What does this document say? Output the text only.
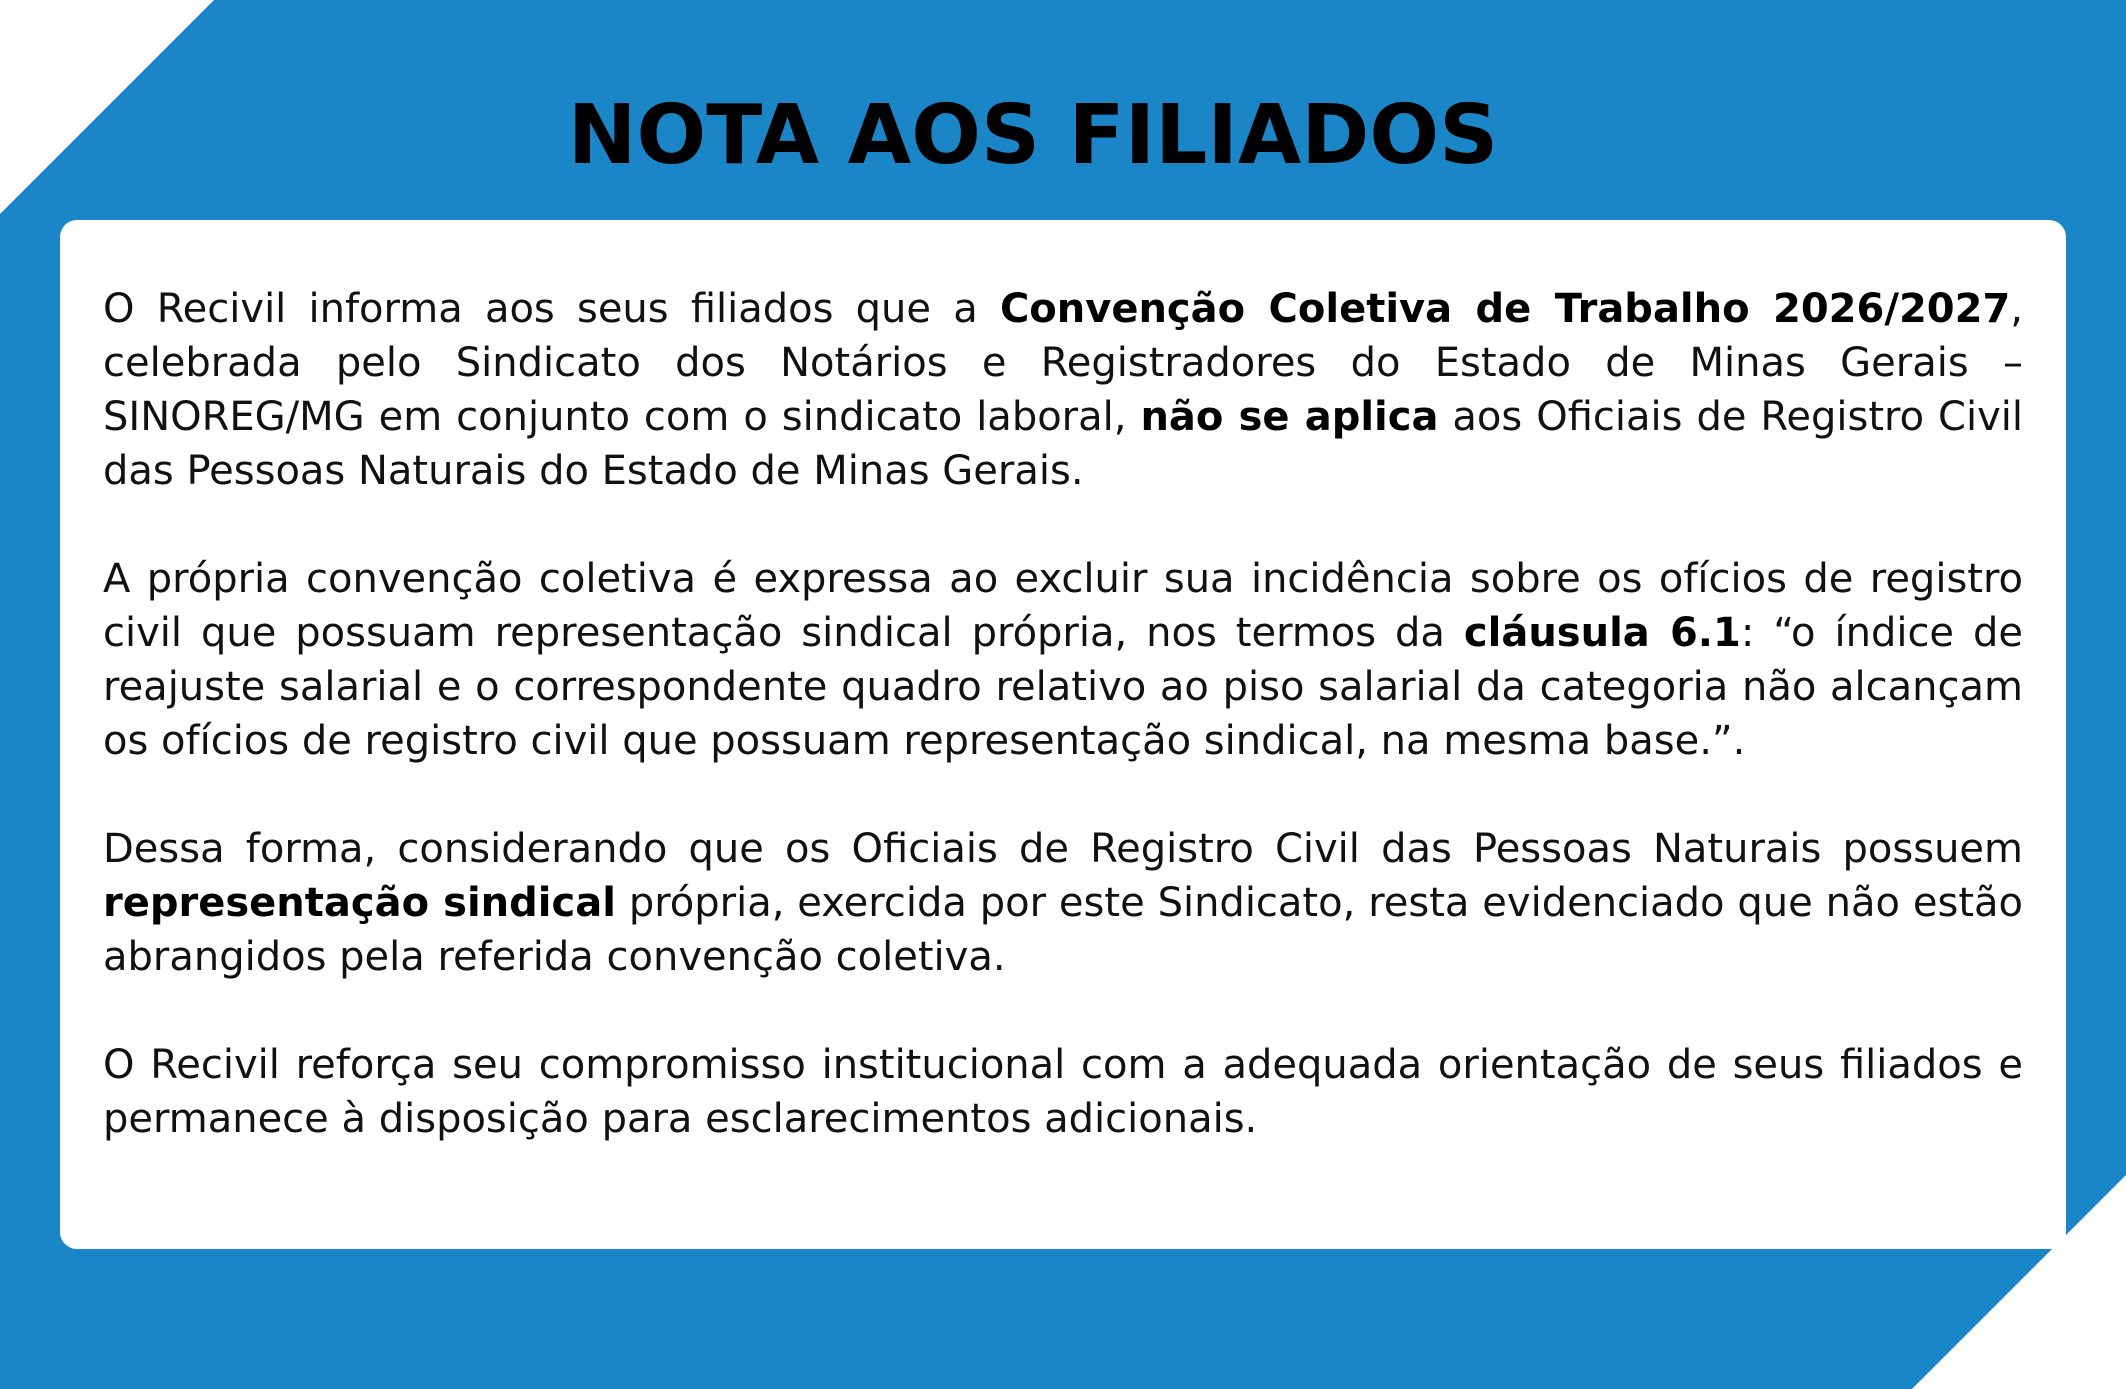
NOTA AOS FILIADOS

O Recivil informa aos seus filiados que a Convenção Coletiva de Trabalho 2026/2027, celebrada pelo Sindicato dos Notários e Registradores do Estado de Minas Gerais – SINOREG/MG em conjunto com o sindicato laboral, não se aplica aos Oficiais de Registro Civil das Pessoas Naturais do Estado de Minas Gerais.

A própria convenção coletiva é expressa ao excluir sua incidência sobre os ofícios de registro civil que possuam representação sindical própria, nos termos da cláusula 6.1: “o índice de reajuste salarial e o correspondente quadro relativo ao piso salarial da categoria não alcançam os ofícios de registro civil que possuam representação sindical, na mesma base.”.

Dessa forma, considerando que os Oficiais de Registro Civil das Pessoas Naturais possuem representação sindical própria, exercida por este Sindicato, resta evidenciado que não estão abrangidos pela referida convenção coletiva.

O Recivil reforça seu compromisso institucional com a adequada orientação de seus filiados e permanece à disposição para esclarecimentos adicionais.
